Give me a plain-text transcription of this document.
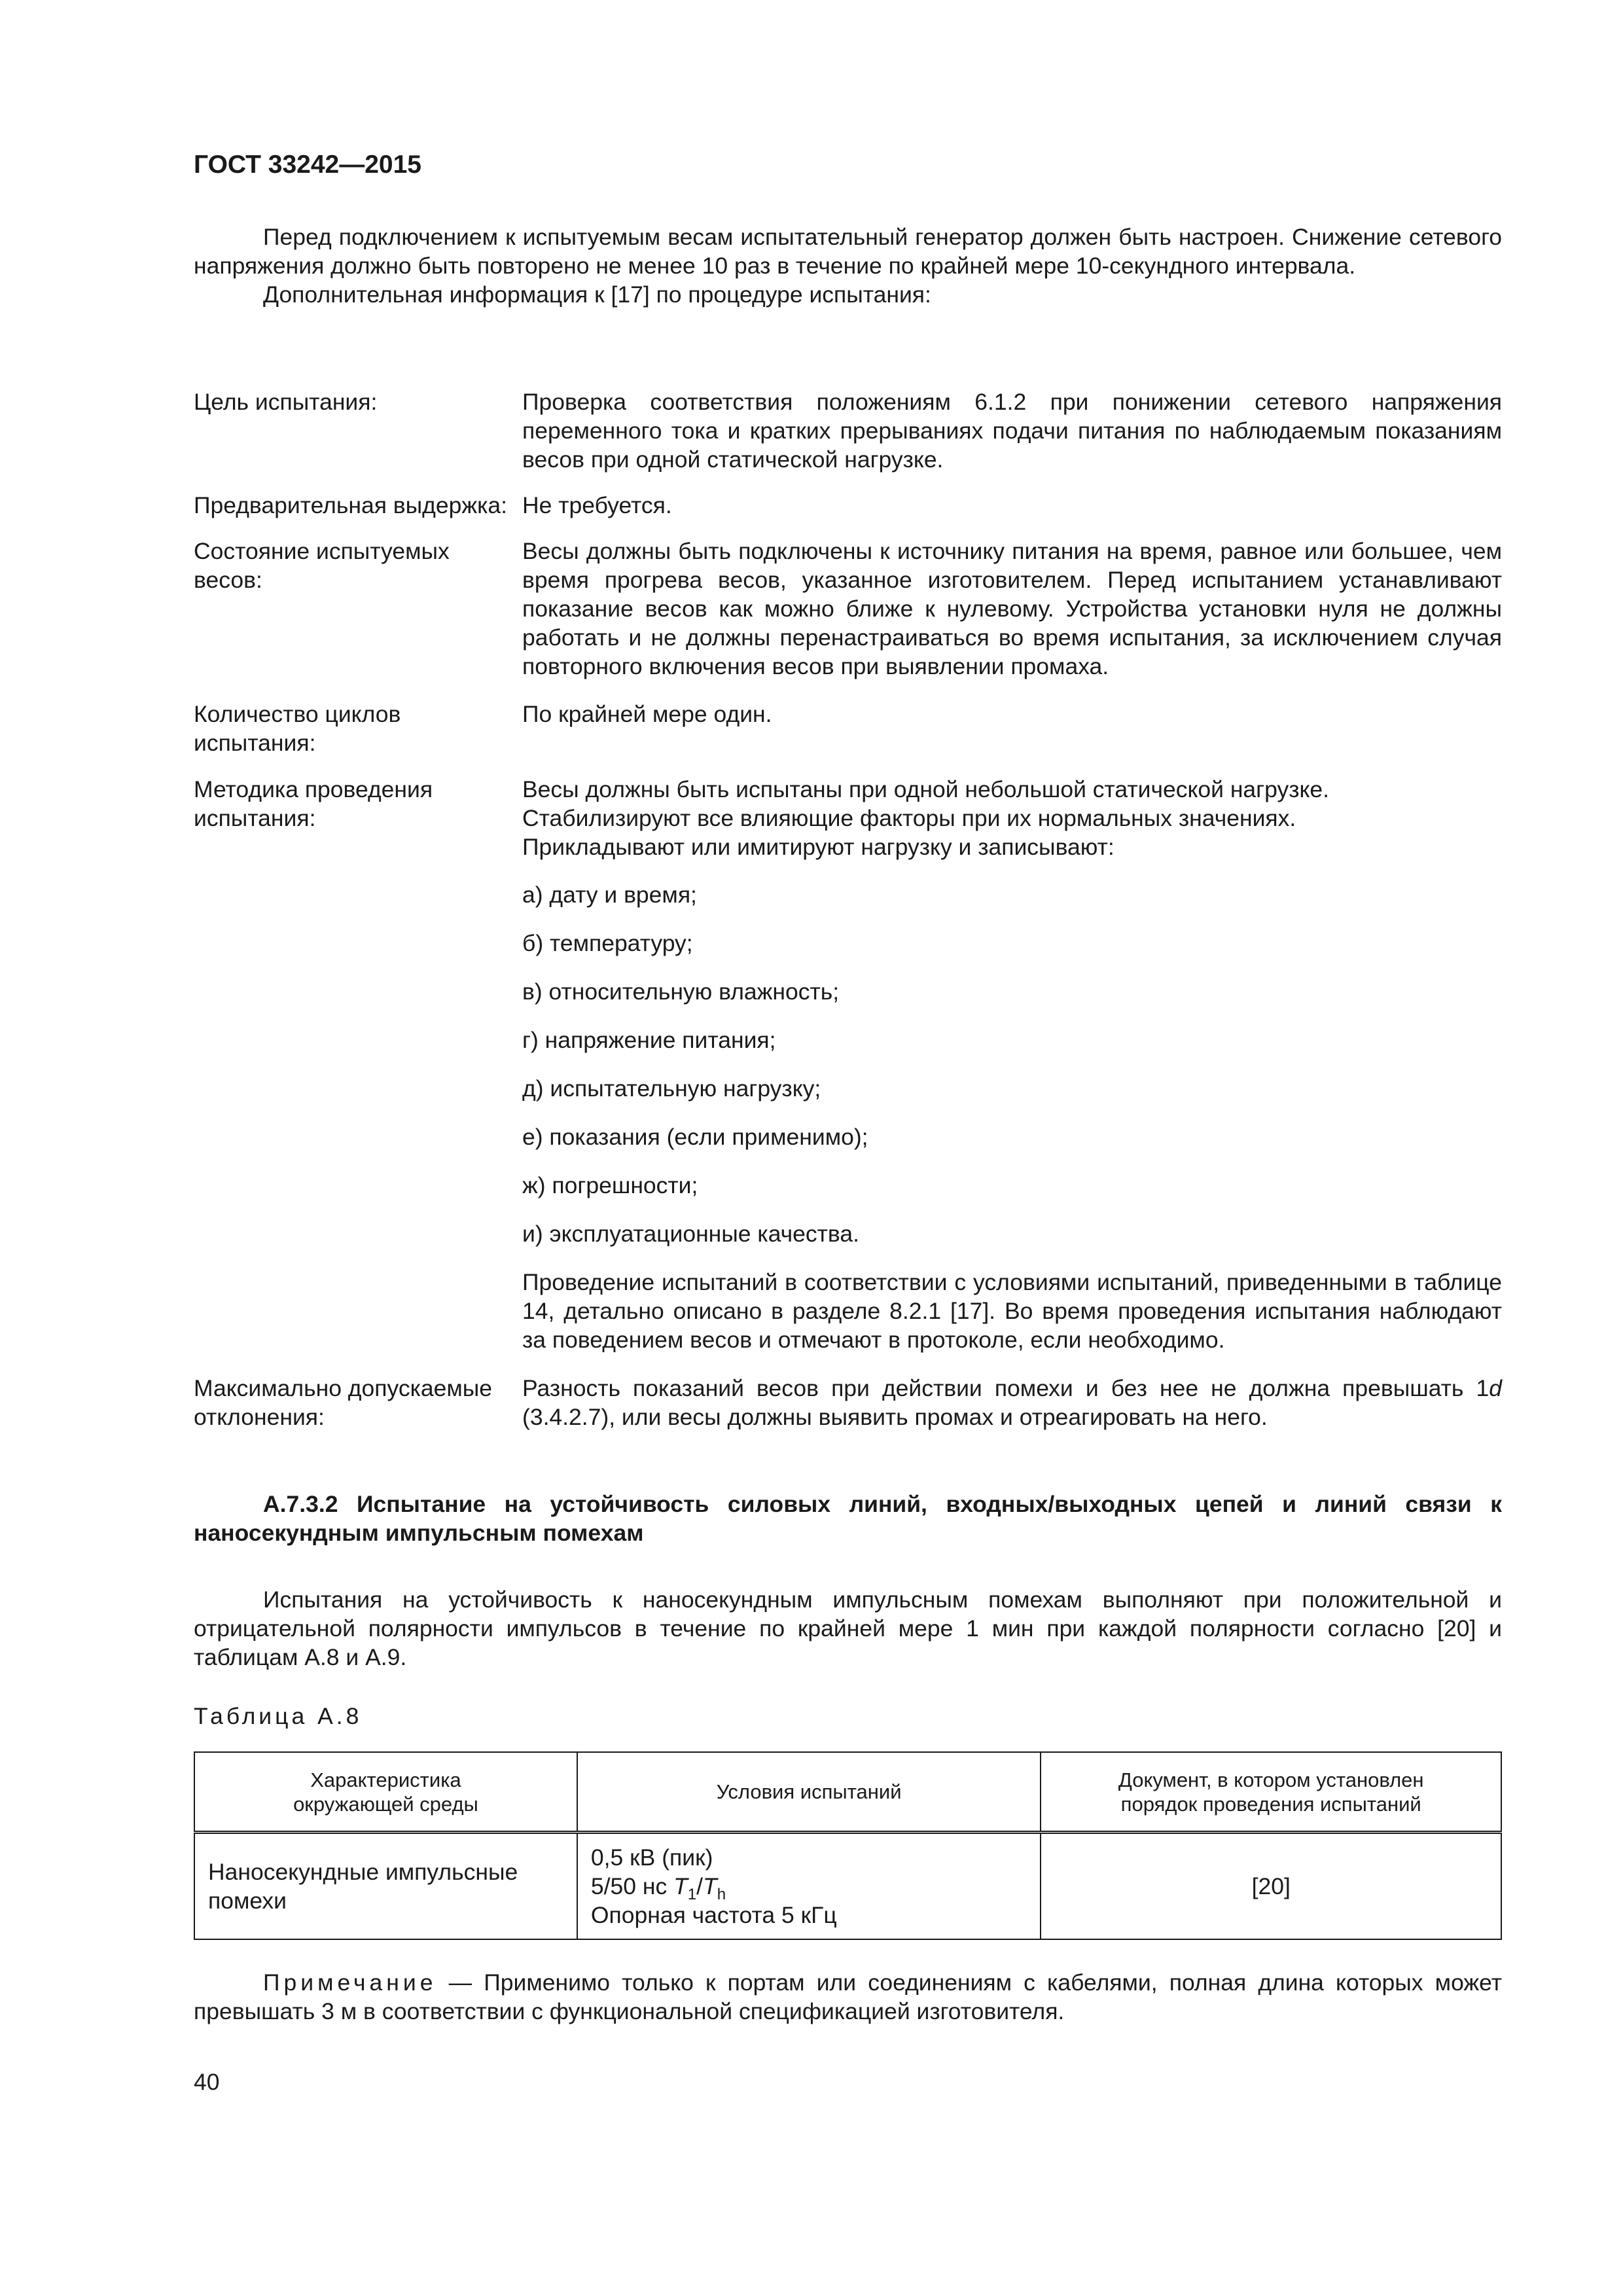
ГОСТ 33242—2015

Перед подключением к испытуемым весам испытательный генератор должен быть настроен. Снижение сетевого напряжения должно быть повторено не менее 10 раз в течение по крайней мере 10-секундного интервала.

Дополнительная информация к [17] по процедуре испытания:

Цель испытания:	Проверка соответствия положениям 6.1.2 при понижении сетевого напряжения переменного тока и кратких прерываниях подачи питания по наблюдаемым показаниям весов при одной статической нагрузке.

Предварительная выдержка: Не требуется.

Состояние испытуемых весов:

Весы должны быть подключены к источнику питания на время, равное или большее, чем время прогрева весов, указанное изготовителем. Перед испытанием устанавливают показание весов как можно ближе к нулевому. Устройства установки нуля не должны работать и не должны перенастраиваться во время испытания, за исключением случая повторного включения весов при выявлении промаха.

Количество циклов испытания:

По крайней мере один.

Методика проведения испытания:
Весы должны быть испытаны при одной небольшой статической нагрузке.
Стабилизируют все влияющие факторы при их нормальных значениях.
Прикладывают или имитируют нагрузку и записывают:
а) дату и время;
б) температуру;
в) относительную влажность;
г) напряжение питания;
д) испытательную нагрузку;
е) показания (если применимо);
ж) погрешности;
и) эксплуатационные качества.

Проведение испытаний в соответствии с условиями испытаний, приведенными в таблице 14, детально описано в разделе 8.2.1 [17]. Во время проведения испытания наблюдают за поведением весов и отмечают в протоколе, если необходимо.

Максимально допускаемые отклонения:

Разность показаний весов при действии помехи и без нее не должна превышать 1d (3.4.2.7), или весы должны выявить промах и отреагировать на него.

А.7.3.2 Испытание на устойчивость силовых линий, входных/выходных цепей и линий связи к наносекундным импульсным помехам

Испытания на устойчивость к наносекундным импульсным помехам выполняют при положительной и отрицательной полярности импульсов в течение по крайней мере 1 мин при каждой полярности согласно [20] и таблицам А.8 и А.9.

Таблица А.8
Характеристика окружающей среды	Условия испытаний	Документ, в котором установлен порядок проведения испытаний

Наносекундные импульсные помехи	0,5 кВ (пик)
5/50 нс $T_1/T_h$
Опорная частота 5 кГц	[20]

Примечание — Применимо только к портам или соединениям с кабелями, полная длина которых может превышать 3 м в соответствии с функциональной спецификацией изготовителя.

40
